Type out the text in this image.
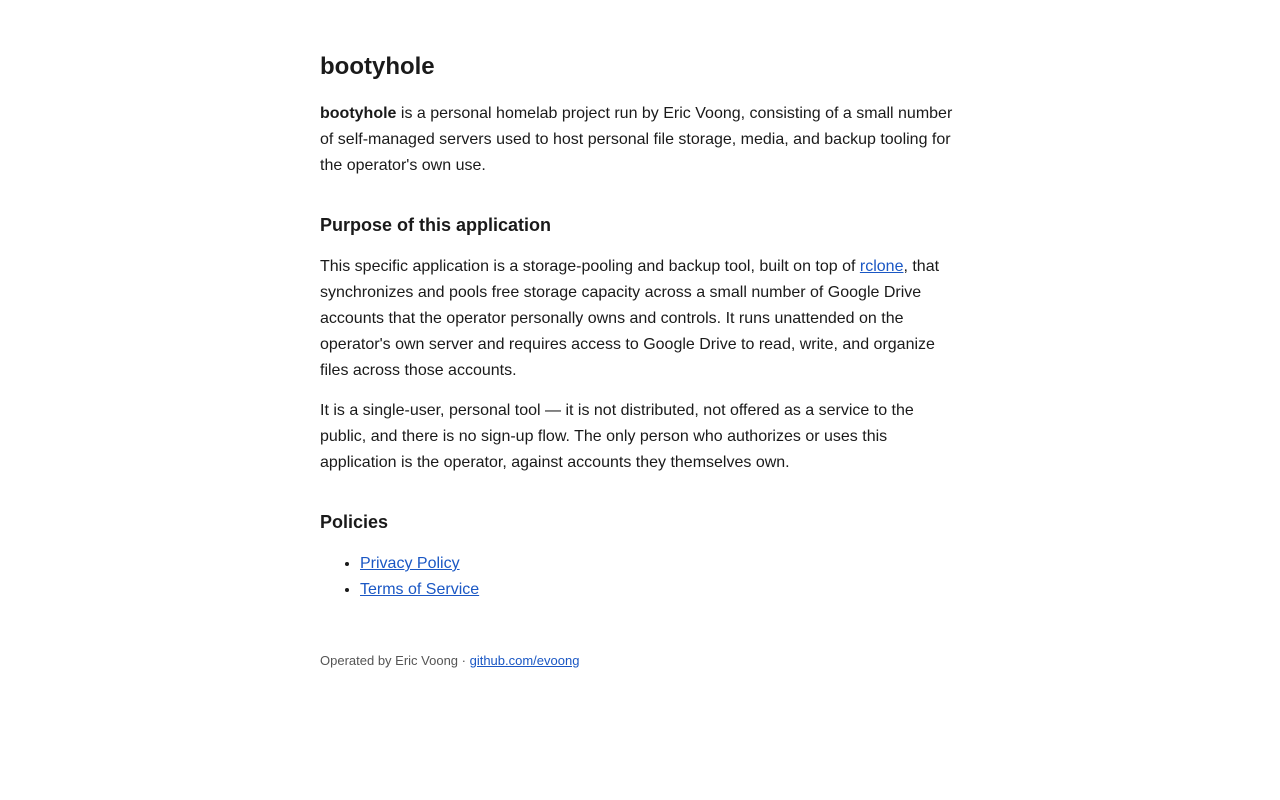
bootyhole

bootyhole is a personal homelab project run by Eric Voong, consisting of a small number of self-managed servers used to host personal file storage, media, and backup tooling for the operator's own use.

Purpose of this application

This specific application is a storage-pooling and backup tool, built on top of rclone, that synchronizes and pools free storage capacity across a small number of Google Drive accounts that the operator personally owns and controls. It runs unattended on the operator's own server and requires access to Google Drive to read, write, and organize files across those accounts.

It is a single-user, personal tool — it is not distributed, not offered as a service to the public, and there is no sign-up flow. The only person who authorizes or uses this application is the operator, against accounts they themselves own.

Policies
• Privacy Policy
• Terms of Service
Operated by Eric Voong · github.com/evoong
